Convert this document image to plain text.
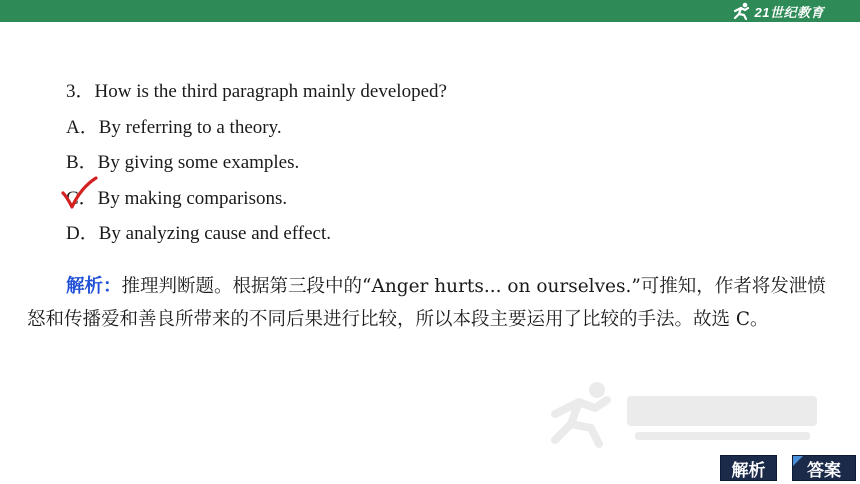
21世纪教育
3．How is the third paragraph mainly developed?
A．By referring to a theory.
B．By giving some examples.
C．By making comparisons.
D．By analyzing cause and effect.
解析：推理判断题。根据第三段中的“Anger hurts... on ourselves.”可推知，作者将发泄愤怒和传播爱和善良所带来的不同后果进行比较，所以本段主要运用了比较的手法。故选 C。
解析	答案
